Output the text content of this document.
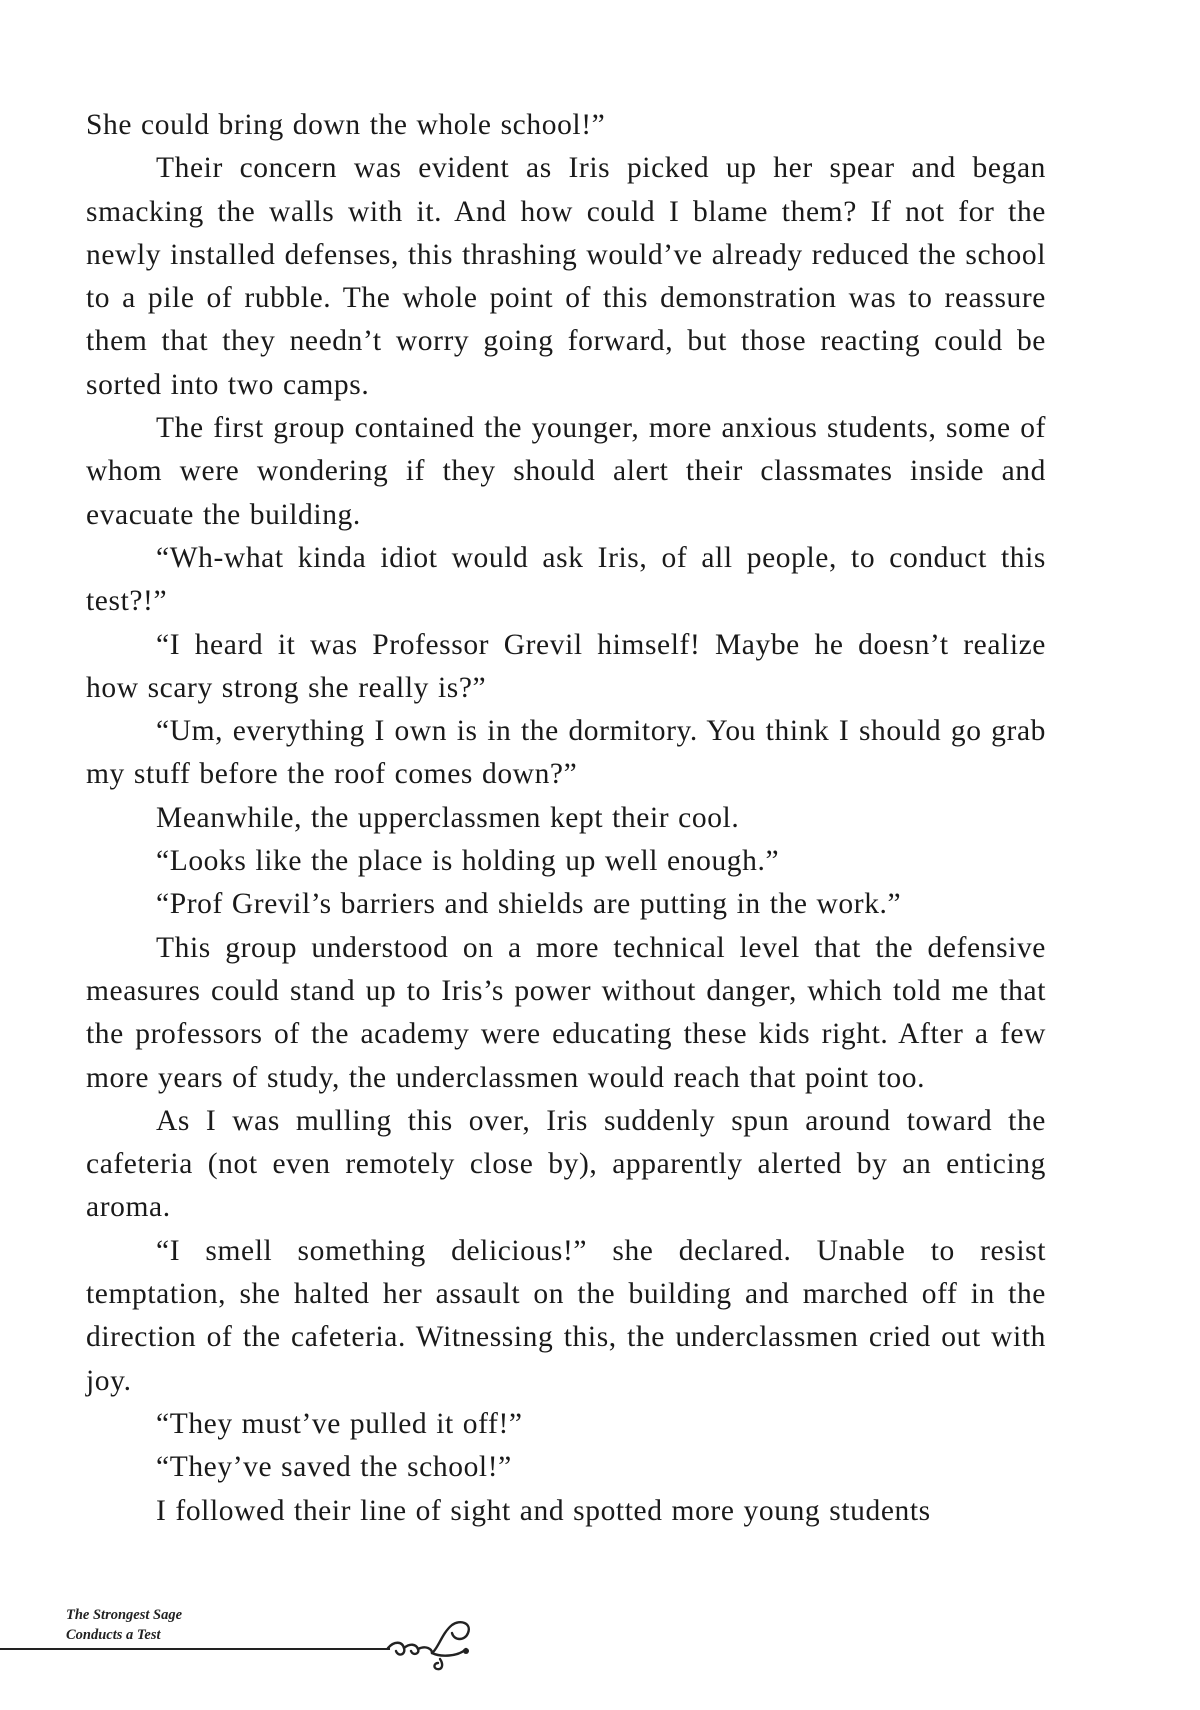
She could bring down the whole school!”

Their concern was evident as Iris picked up her spear and began smacking the walls with it. And how could I blame them? If not for the newly installed defenses, this thrashing would’ve already reduced the school to a pile of rubble. The whole point of this demonstration was to reassure them that they needn’t worry going forward, but those reacting could be sorted into two camps.

The first group contained the younger, more anxious students, some of whom were wondering if they should alert their classmates inside and evacuate the building.

“Wh-what kinda idiot would ask Iris, of all people, to conduct this test?!”

“I heard it was Professor Grevil himself! Maybe he doesn’t realize how scary strong she really is?”

“Um, everything I own is in the dormitory. You think I should go grab my stuff before the roof comes down?”

Meanwhile, the upperclassmen kept their cool.

“Looks like the place is holding up well enough.”

“Prof Grevil’s barriers and shields are putting in the work.”

This group understood on a more technical level that the defensive measures could stand up to Iris’s power without danger, which told me that the professors of the academy were educating these kids right. After a few more years of study, the underclassmen would reach that point too.

As I was mulling this over, Iris suddenly spun around toward the cafeteria (not even remotely close by), apparently alerted by an enticing aroma.

“I smell something delicious!” she declared. Unable to resist temptation, she halted her assault on the building and marched off in the direction of the cafeteria. Witnessing this, the underclassmen cried out with joy.

“They must’ve pulled it off!”

“They’ve saved the school!”

I followed their line of sight and spotted more young students

The Strongest Sage
Conducts a Test
